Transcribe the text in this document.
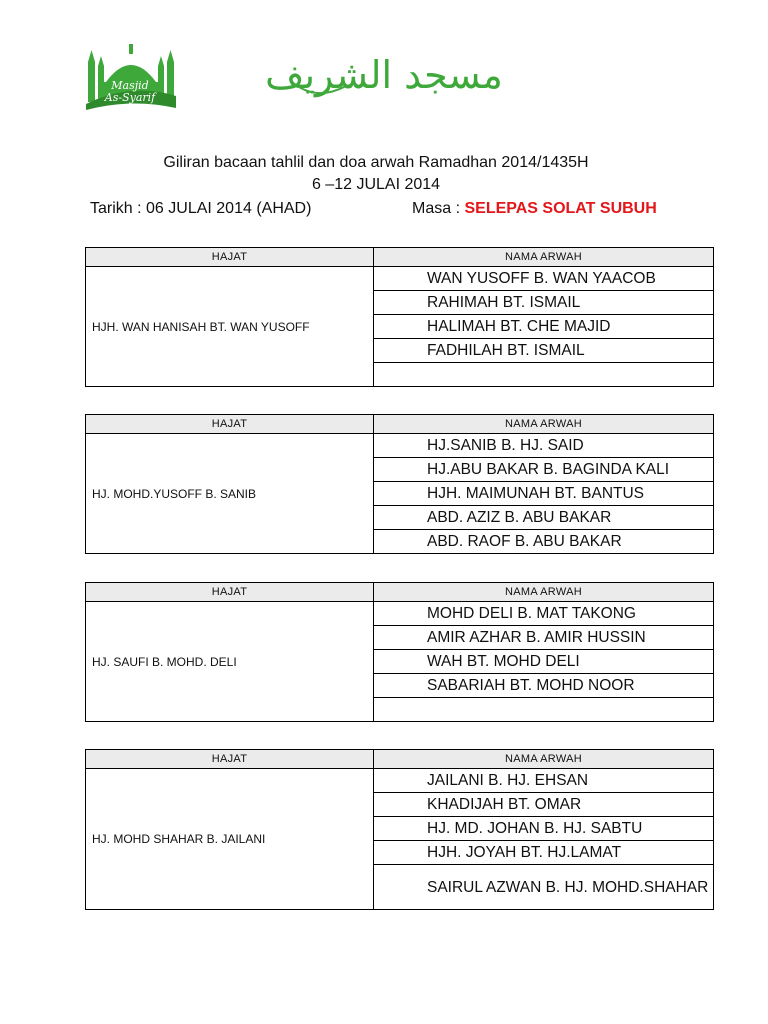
Masjid
As-Syarif
مسجد الشريف
Giliran bacaan tahlil dan doa arwah Ramadhan 2014/1435H
6 –12 JULAI 2014
Tarikh : 06 JULAI 2014 (AHAD)	Masa : SELEPAS SOLAT SUBUH
HAJAT	NAMA ARWAH
HJH. WAN HANISAH BT. WAN YUSOFF	WAN YUSOFF B. WAN YAACOB
	RAHIMAH BT. ISMAIL
	HALIMAH BT. CHE MAJID
	FADHILAH BT. ISMAIL

HAJAT	NAMA ARWAH
HJ. MOHD.YUSOFF B. SANIB	HJ.SANIB B. HJ. SAID
	HJ.ABU BAKAR B. BAGINDA KALI
	HJH. MAIMUNAH BT. BANTUS
	ABD. AZIZ B. ABU BAKAR
	ABD. RAOF B. ABU BAKAR
HAJAT	NAMA ARWAH
HJ. SAUFI B. MOHD. DELI	MOHD DELI B. MAT TAKONG
	AMIR AZHAR B. AMIR HUSSIN
	WAH BT. MOHD DELI
	SABARIAH BT. MOHD NOOR

HAJAT	NAMA ARWAH
HJ. MOHD SHAHAR B. JAILANI	JAILANI B. HJ. EHSAN
	KHADIJAH BT. OMAR
	HJ. MD. JOHAN B. HJ. SABTU
	HJH. JOYAH BT. HJ.LAMAT
	SAIRUL AZWAN B. HJ. MOHD.SHAHAR
